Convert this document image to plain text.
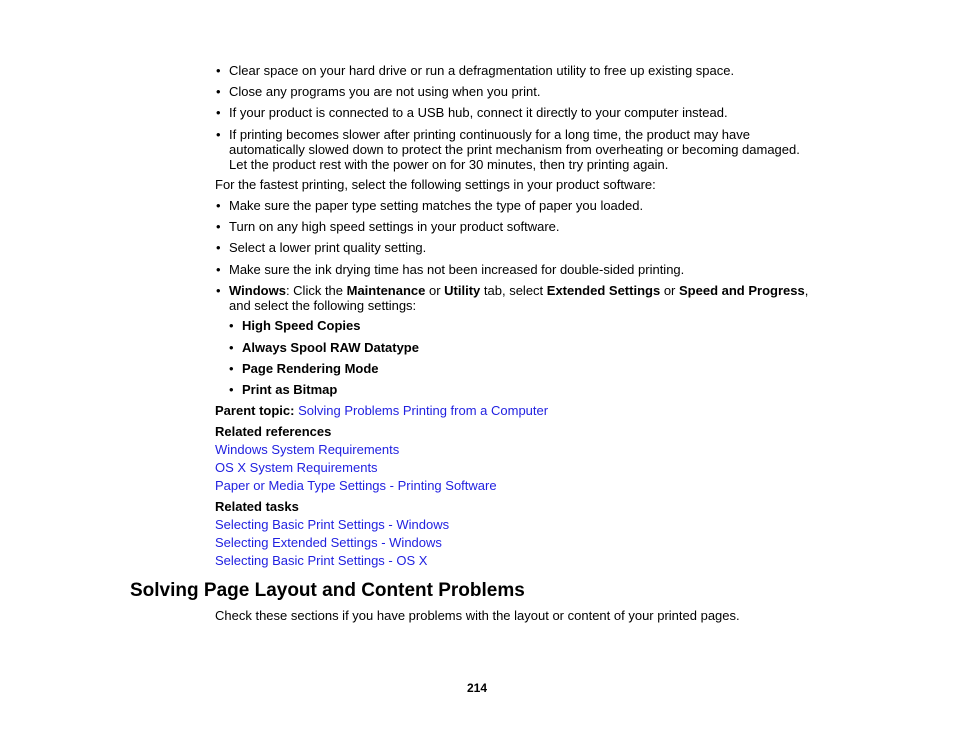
• Clear space on your hard drive or run a defragmentation utility to free up existing space.
• Close any programs you are not using when you print.
• If your product is connected to a USB hub, connect it directly to your computer instead.
• If printing becomes slower after printing continuously for a long time, the product may have automatically slowed down to protect the print mechanism from overheating or becoming damaged. Let the product rest with the power on for 30 minutes, then try printing again.
For the fastest printing, select the following settings in your product software:
• Make sure the paper type setting matches the type of paper you loaded.
• Turn on any high speed settings in your product software.
• Select a lower print quality setting.
• Make sure the ink drying time has not been increased for double-sided printing.
• Windows: Click the Maintenance or Utility tab, select Extended Settings or Speed and Progress, and select the following settings:
• High Speed Copies
• Always Spool RAW Datatype
• Page Rendering Mode
• Print as Bitmap
Parent topic: Solving Problems Printing from a Computer
Related references
Windows System Requirements
OS X System Requirements
Paper or Media Type Settings - Printing Software
Related tasks
Selecting Basic Print Settings - Windows
Selecting Extended Settings - Windows
Selecting Basic Print Settings - OS X
Solving Page Layout and Content Problems
Check these sections if you have problems with the layout or content of your printed pages.
214
